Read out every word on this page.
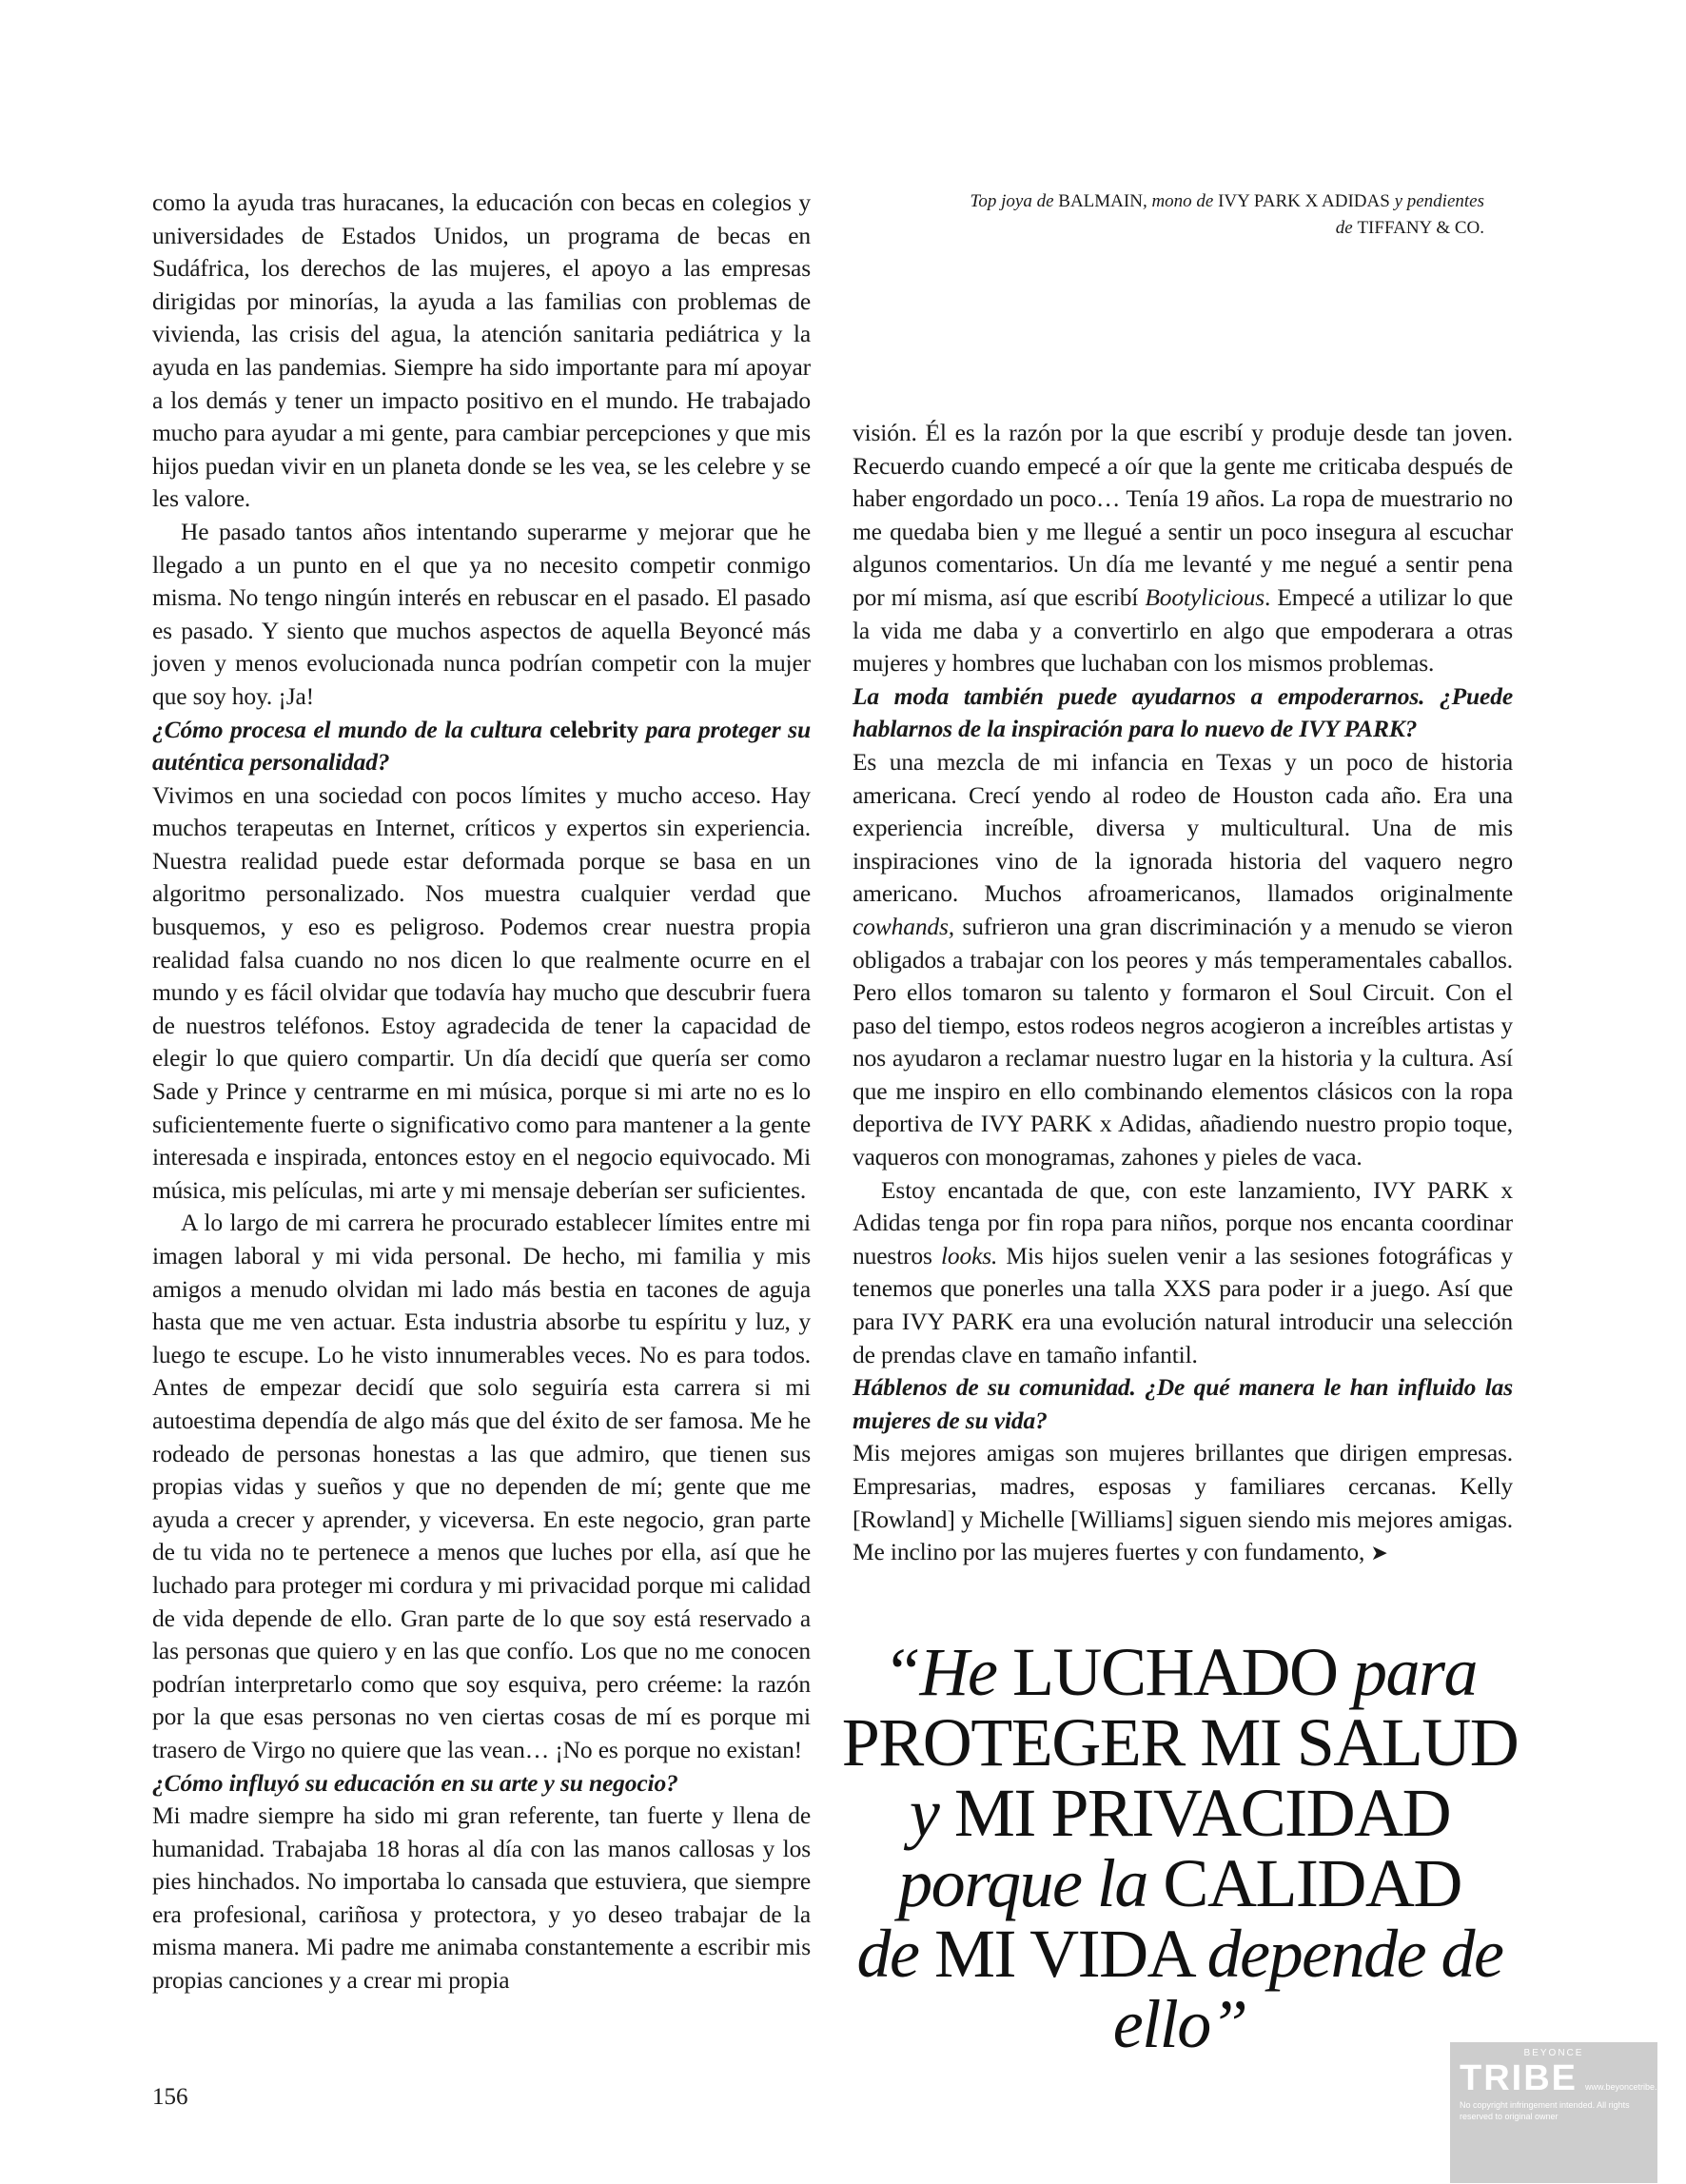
Top joya de BALMAIN, mono de IVY PARK X ADIDAS y pendientes de TIFFANY & CO.

como la ayuda tras huracanes, la educación con becas en colegios y universidades de Estados Unidos, un programa de becas en Sudáfrica, los derechos de las mujeres, el apoyo a las empresas dirigidas por minorías, la ayuda a las familias con problemas de vivienda, las crisis del agua, la atención sanitaria pediátrica y la ayuda en las pandemias. Siempre ha sido importante para mí apoyar a los demás y tener un impacto positivo en el mundo. He trabajado mucho para ayudar a mi gente, para cambiar percepciones y que mis hijos puedan vivir en un planeta donde se les vea, se les celebre y se les valore.

He pasado tantos años intentando superarme y mejorar que he llegado a un punto en el que ya no necesito competir conmigo misma. No tengo ningún interés en rebuscar en el pasado. El pasado es pasado. Y siento que muchos aspectos de aquella Beyoncé más joven y menos evolucionada nunca podrían competir con la mujer que soy hoy. ¡Ja!

¿Cómo procesa el mundo de la cultura celebrity para proteger su auténtica personalidad?

Vivimos en una sociedad con pocos límites y mucho acceso. Hay muchos terapeutas en Internet, críticos y expertos sin experiencia. Nuestra realidad puede estar deformada porque se basa en un algoritmo personalizado. Nos muestra cualquier verdad que busquemos, y eso es peligroso. Podemos crear nuestra propia realidad falsa cuando no nos dicen lo que realmente ocurre en el mundo y es fácil olvidar que todavía hay mucho que descubrir fuera de nuestros teléfonos. Estoy agradecida de tener la capacidad de elegir lo que quiero compartir. Un día decidí que quería ser como Sade y Prince y centrarme en mi música, porque si mi arte no es lo suficientemente fuerte o significativo como para mantener a la gente interesada e inspirada, entonces estoy en el negocio equivocado. Mi música, mis películas, mi arte y mi mensaje deberían ser suficientes.

A lo largo de mi carrera he procurado establecer límites entre mi imagen laboral y mi vida personal. De hecho, mi familia y mis amigos a menudo olvidan mi lado más bestia en tacones de aguja hasta que me ven actuar. Esta industria absorbe tu espíritu y luz, y luego te escupe. Lo he visto innumerables veces. No es para todos. Antes de empezar decidí que solo seguiría esta carrera si mi autoestima dependía de algo más que del éxito de ser famosa. Me he rodeado de personas honestas a las que admiro, que tienen sus propias vidas y sueños y que no dependen de mí; gente que me ayuda a crecer y aprender, y viceversa. En este negocio, gran parte de tu vida no te pertenece a menos que luches por ella, así que he luchado para proteger mi cordura y mi privacidad porque mi calidad de vida depende de ello. Gran parte de lo que soy está reservado a las personas que quiero y en las que confío. Los que no me conocen podrían interpretarlo como que soy esquiva, pero créeme: la razón por la que esas personas no ven ciertas cosas de mí es porque mi trasero de Virgo no quiere que las vean… ¡No es porque no existan!

¿Cómo influyó su educación en su arte y su negocio?

Mi madre siempre ha sido mi gran referente, tan fuerte y llena de humanidad. Trabajaba 18 horas al día con las manos callosas y los pies hinchados. No importaba lo cansada que estuviera, que siempre era profesional, cariñosa y protectora, y yo deseo trabajar de la misma manera. Mi padre me animaba constantemente a escribir mis propias canciones y a crear mi propia

visión. Él es la razón por la que escribí y produje desde tan joven. Recuerdo cuando empecé a oír que la gente me criticaba después de haber engordado un poco… Tenía 19 años. La ropa de muestrario no me quedaba bien y me llegué a sentir un poco insegura al escuchar algunos comentarios. Un día me levanté y me negué a sentir pena por mí misma, así que escribí Bootylicious. Empecé a utilizar lo que la vida me daba y a convertirlo en algo que empoderara a otras mujeres y hombres que luchaban con los mismos problemas.

La moda también puede ayudarnos a empoderarnos. ¿Puede hablarnos de la inspiración para lo nuevo de IVY PARK?

Es una mezcla de mi infancia en Texas y un poco de historia americana. Crecí yendo al rodeo de Houston cada año. Era una experiencia increíble, diversa y multicultural. Una de mis inspiraciones vino de la ignorada historia del vaquero negro americano. Muchos afroamericanos, llamados originalmente cowhands, sufrieron una gran discriminación y a menudo se vieron obligados a trabajar con los peores y más temperamentales caballos. Pero ellos tomaron su talento y formaron el Soul Circuit. Con el paso del tiempo, estos rodeos negros acogieron a increíbles artistas y nos ayudaron a reclamar nuestro lugar en la historia y la cultura. Así que me inspiro en ello combinando elementos clásicos con la ropa deportiva de IVY PARK x Adidas, añadiendo nuestro propio toque, vaqueros con monogramas, zahones y pieles de vaca.

Estoy encantada de que, con este lanzamiento, IVY PARK x Adidas tenga por fin ropa para niños, porque nos encanta coordinar nuestros looks. Mis hijos suelen venir a las sesiones fotográficas y tenemos que ponerles una talla XXS para poder ir a juego. Así que para IVY PARK era una evolución natural introducir una selección de prendas clave en tamaño infantil.

Háblenos de su comunidad. ¿De qué manera le han influido las mujeres de su vida?

Mis mejores amigas son mujeres brillantes que dirigen empresas. Empresarias, madres, esposas y familiares cercanas. Kelly [Rowland] y Michelle [Williams] siguen siendo mis mejores amigas. Me inclino por las mujeres fuertes y con fundamento, ➤

“He LUCHADO para
PROTEGER MI SALUD
y MI PRIVACIDAD
porque la CALIDAD
de MI VIDA depende de ello”
156
BEYONCE
TRIBE www.beyoncetribe.it
No copyright infringement intended. All rights reserved to original owner
